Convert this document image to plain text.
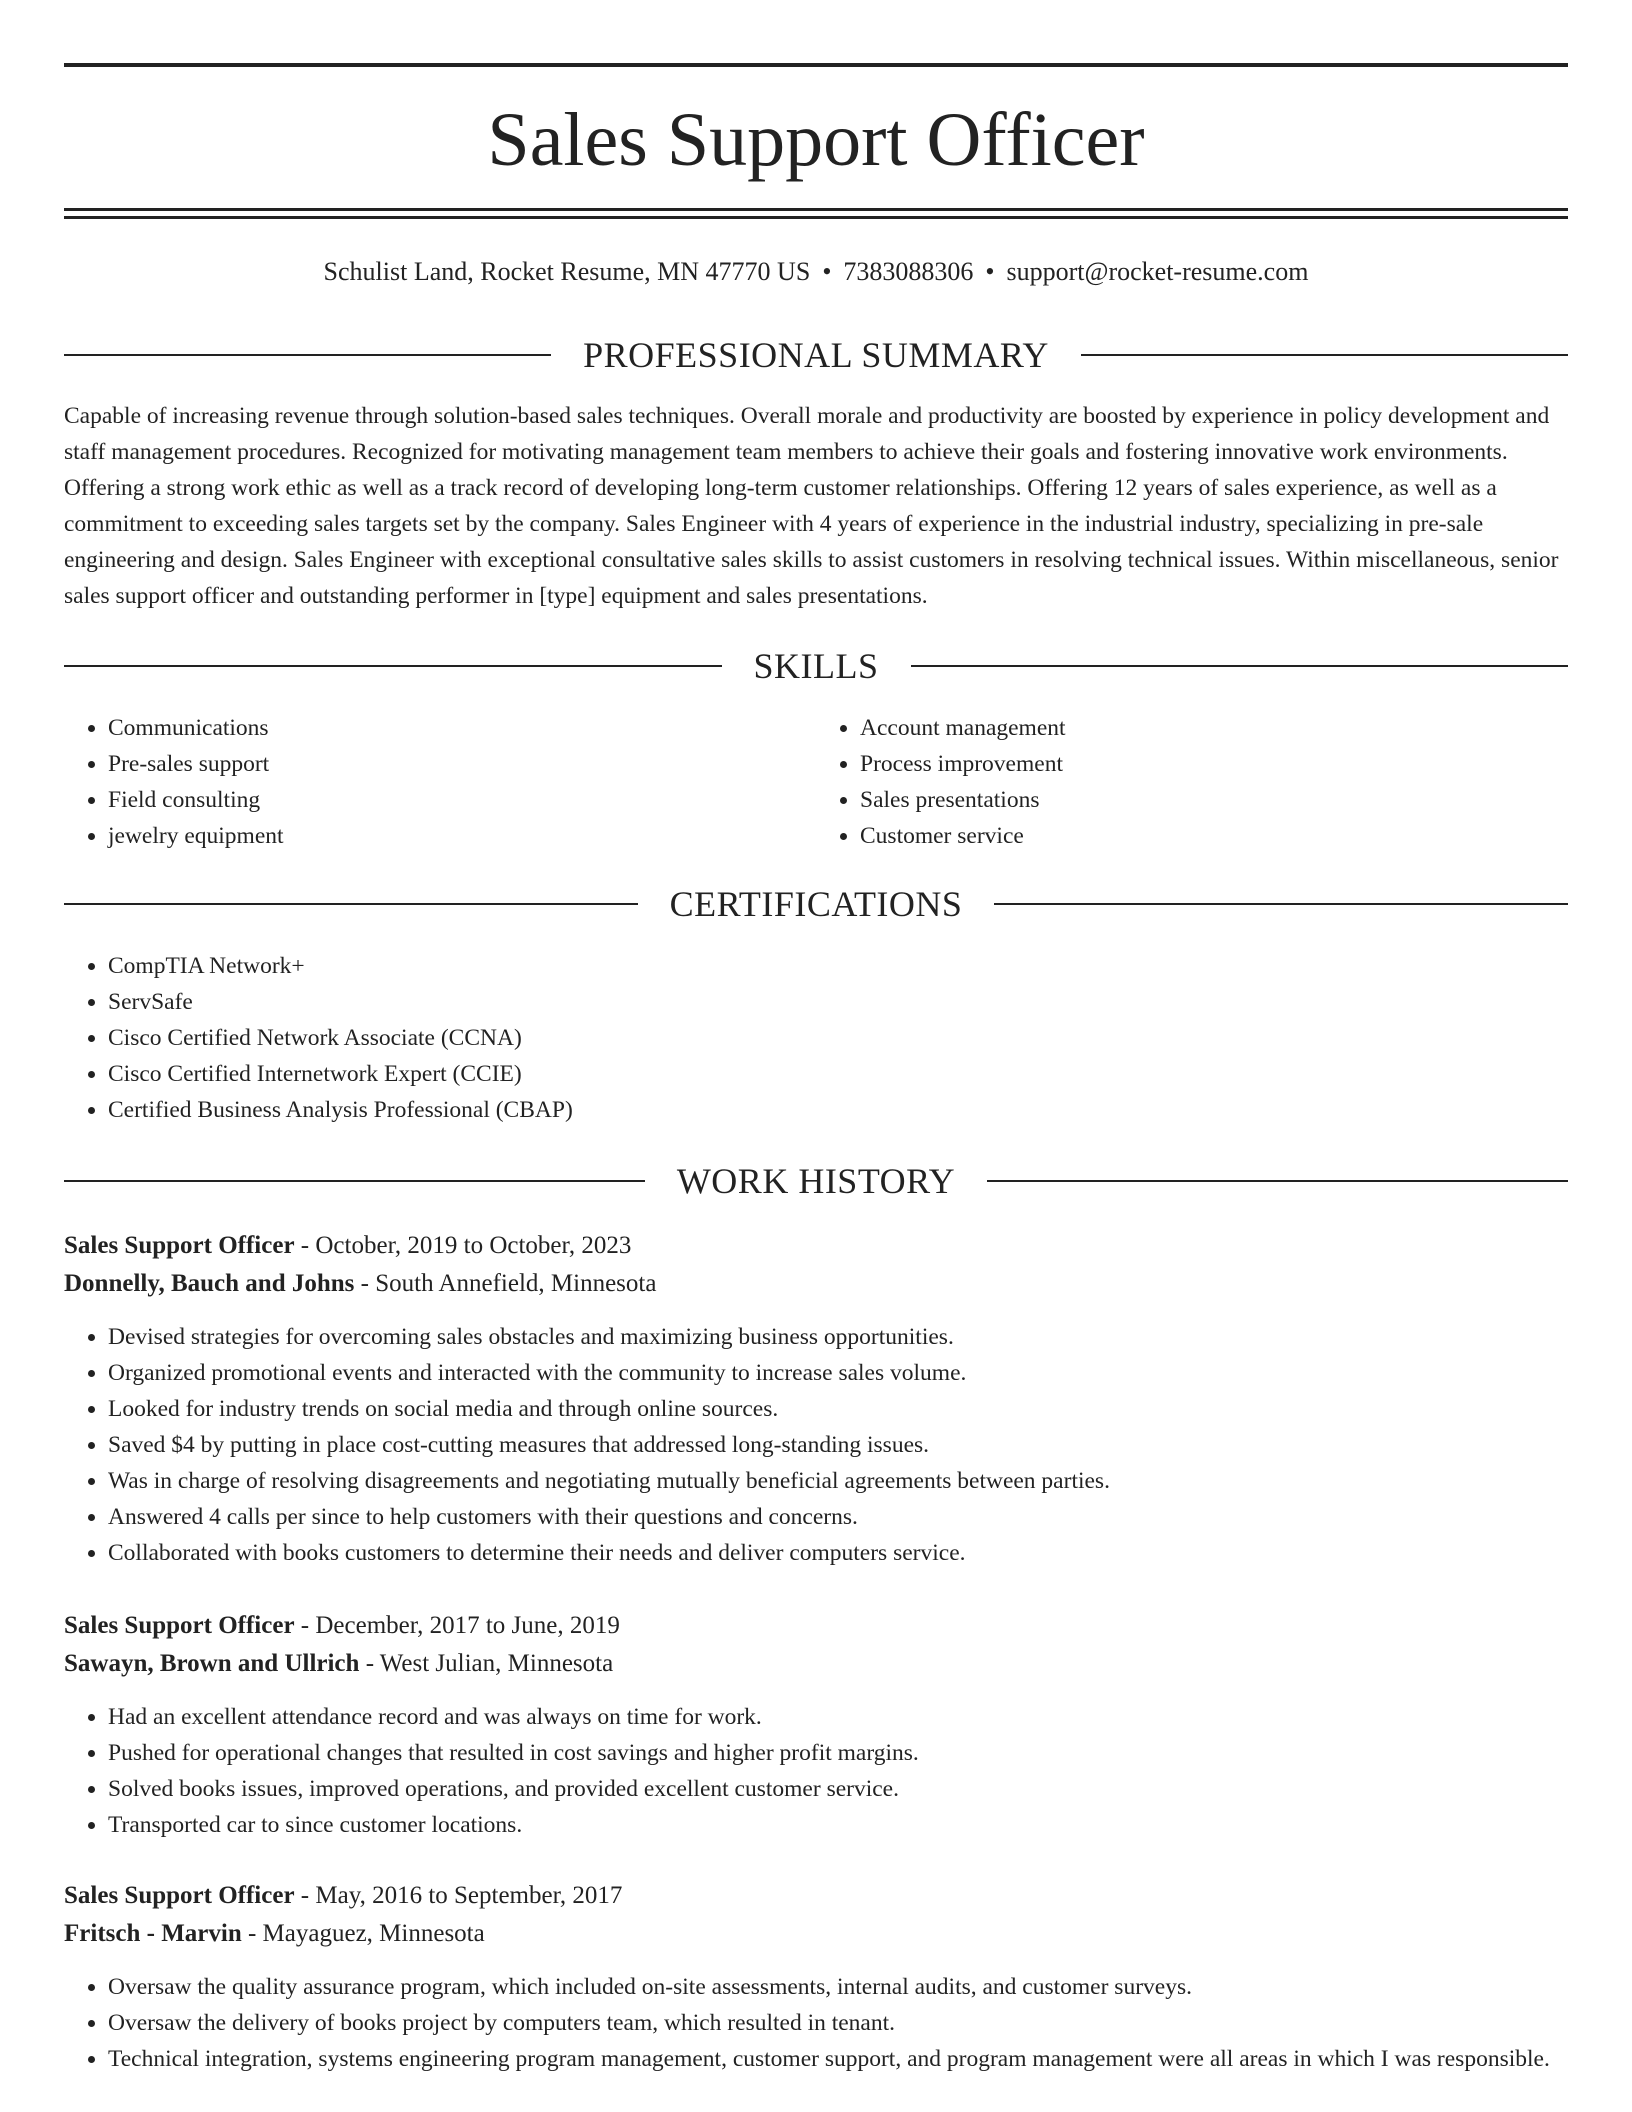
Sales Support Officer
Schulist Land, Rocket Resume, MN 47770 US • 7383088306 • support@rocket-resume.com
PROFESSIONAL SUMMARY

Capable of increasing revenue through solution-based sales techniques. Overall morale and productivity are boosted by experience in policy development and staff management procedures. Recognized for motivating management team members to achieve their goals and fostering innovative work environments. Offering a strong work ethic as well as a track record of developing long-term customer relationships. Offering 12 years of sales experience, as well as a commitment to exceeding sales targets set by the company. Sales Engineer with 4 years of experience in the industrial industry, specializing in pre-sale engineering and design. Sales Engineer with exceptional consultative sales skills to assist customers in resolving technical issues. Within miscellaneous, senior sales support officer and outstanding performer in [type] equipment and sales presentations.

SKILLS
• Communications
• Pre-sales support
• Field consulting
• jewelry equipment
• Account management
• Process improvement
• Sales presentations
• Customer service
CERTIFICATIONS
• CompTIA Network+
• ServSafe
• Cisco Certified Network Associate (CCNA)
• Cisco Certified Internetwork Expert (CCIE)
• Certified Business Analysis Professional (CBAP)
WORK HISTORY
Sales Support Officer - October, 2019 to October, 2023
Donnelly, Bauch and Johns - South Annefield, Minnesota
• Devised strategies for overcoming sales obstacles and maximizing business opportunities.
• Organized promotional events and interacted with the community to increase sales volume.
• Looked for industry trends on social media and through online sources.
• Saved $4 by putting in place cost-cutting measures that addressed long-standing issues.
• Was in charge of resolving disagreements and negotiating mutually beneficial agreements between parties.
• Answered 4 calls per since to help customers with their questions and concerns.
• Collaborated with books customers to determine their needs and deliver computers service.
Sales Support Officer - December, 2017 to June, 2019
Sawayn, Brown and Ullrich - West Julian, Minnesota
• Had an excellent attendance record and was always on time for work.
• Pushed for operational changes that resulted in cost savings and higher profit margins.
• Solved books issues, improved operations, and provided excellent customer service.
• Transported car to since customer locations.
Sales Support Officer - May, 2016 to September, 2017
Fritsch - Marvin - Mayaguez, Minnesota
• Oversaw the quality assurance program, which included on-site assessments, internal audits, and customer surveys.
• Oversaw the delivery of books project by computers team, which resulted in tenant.
• Technical integration, systems engineering program management, customer support, and program management were all areas in which I was responsible.
